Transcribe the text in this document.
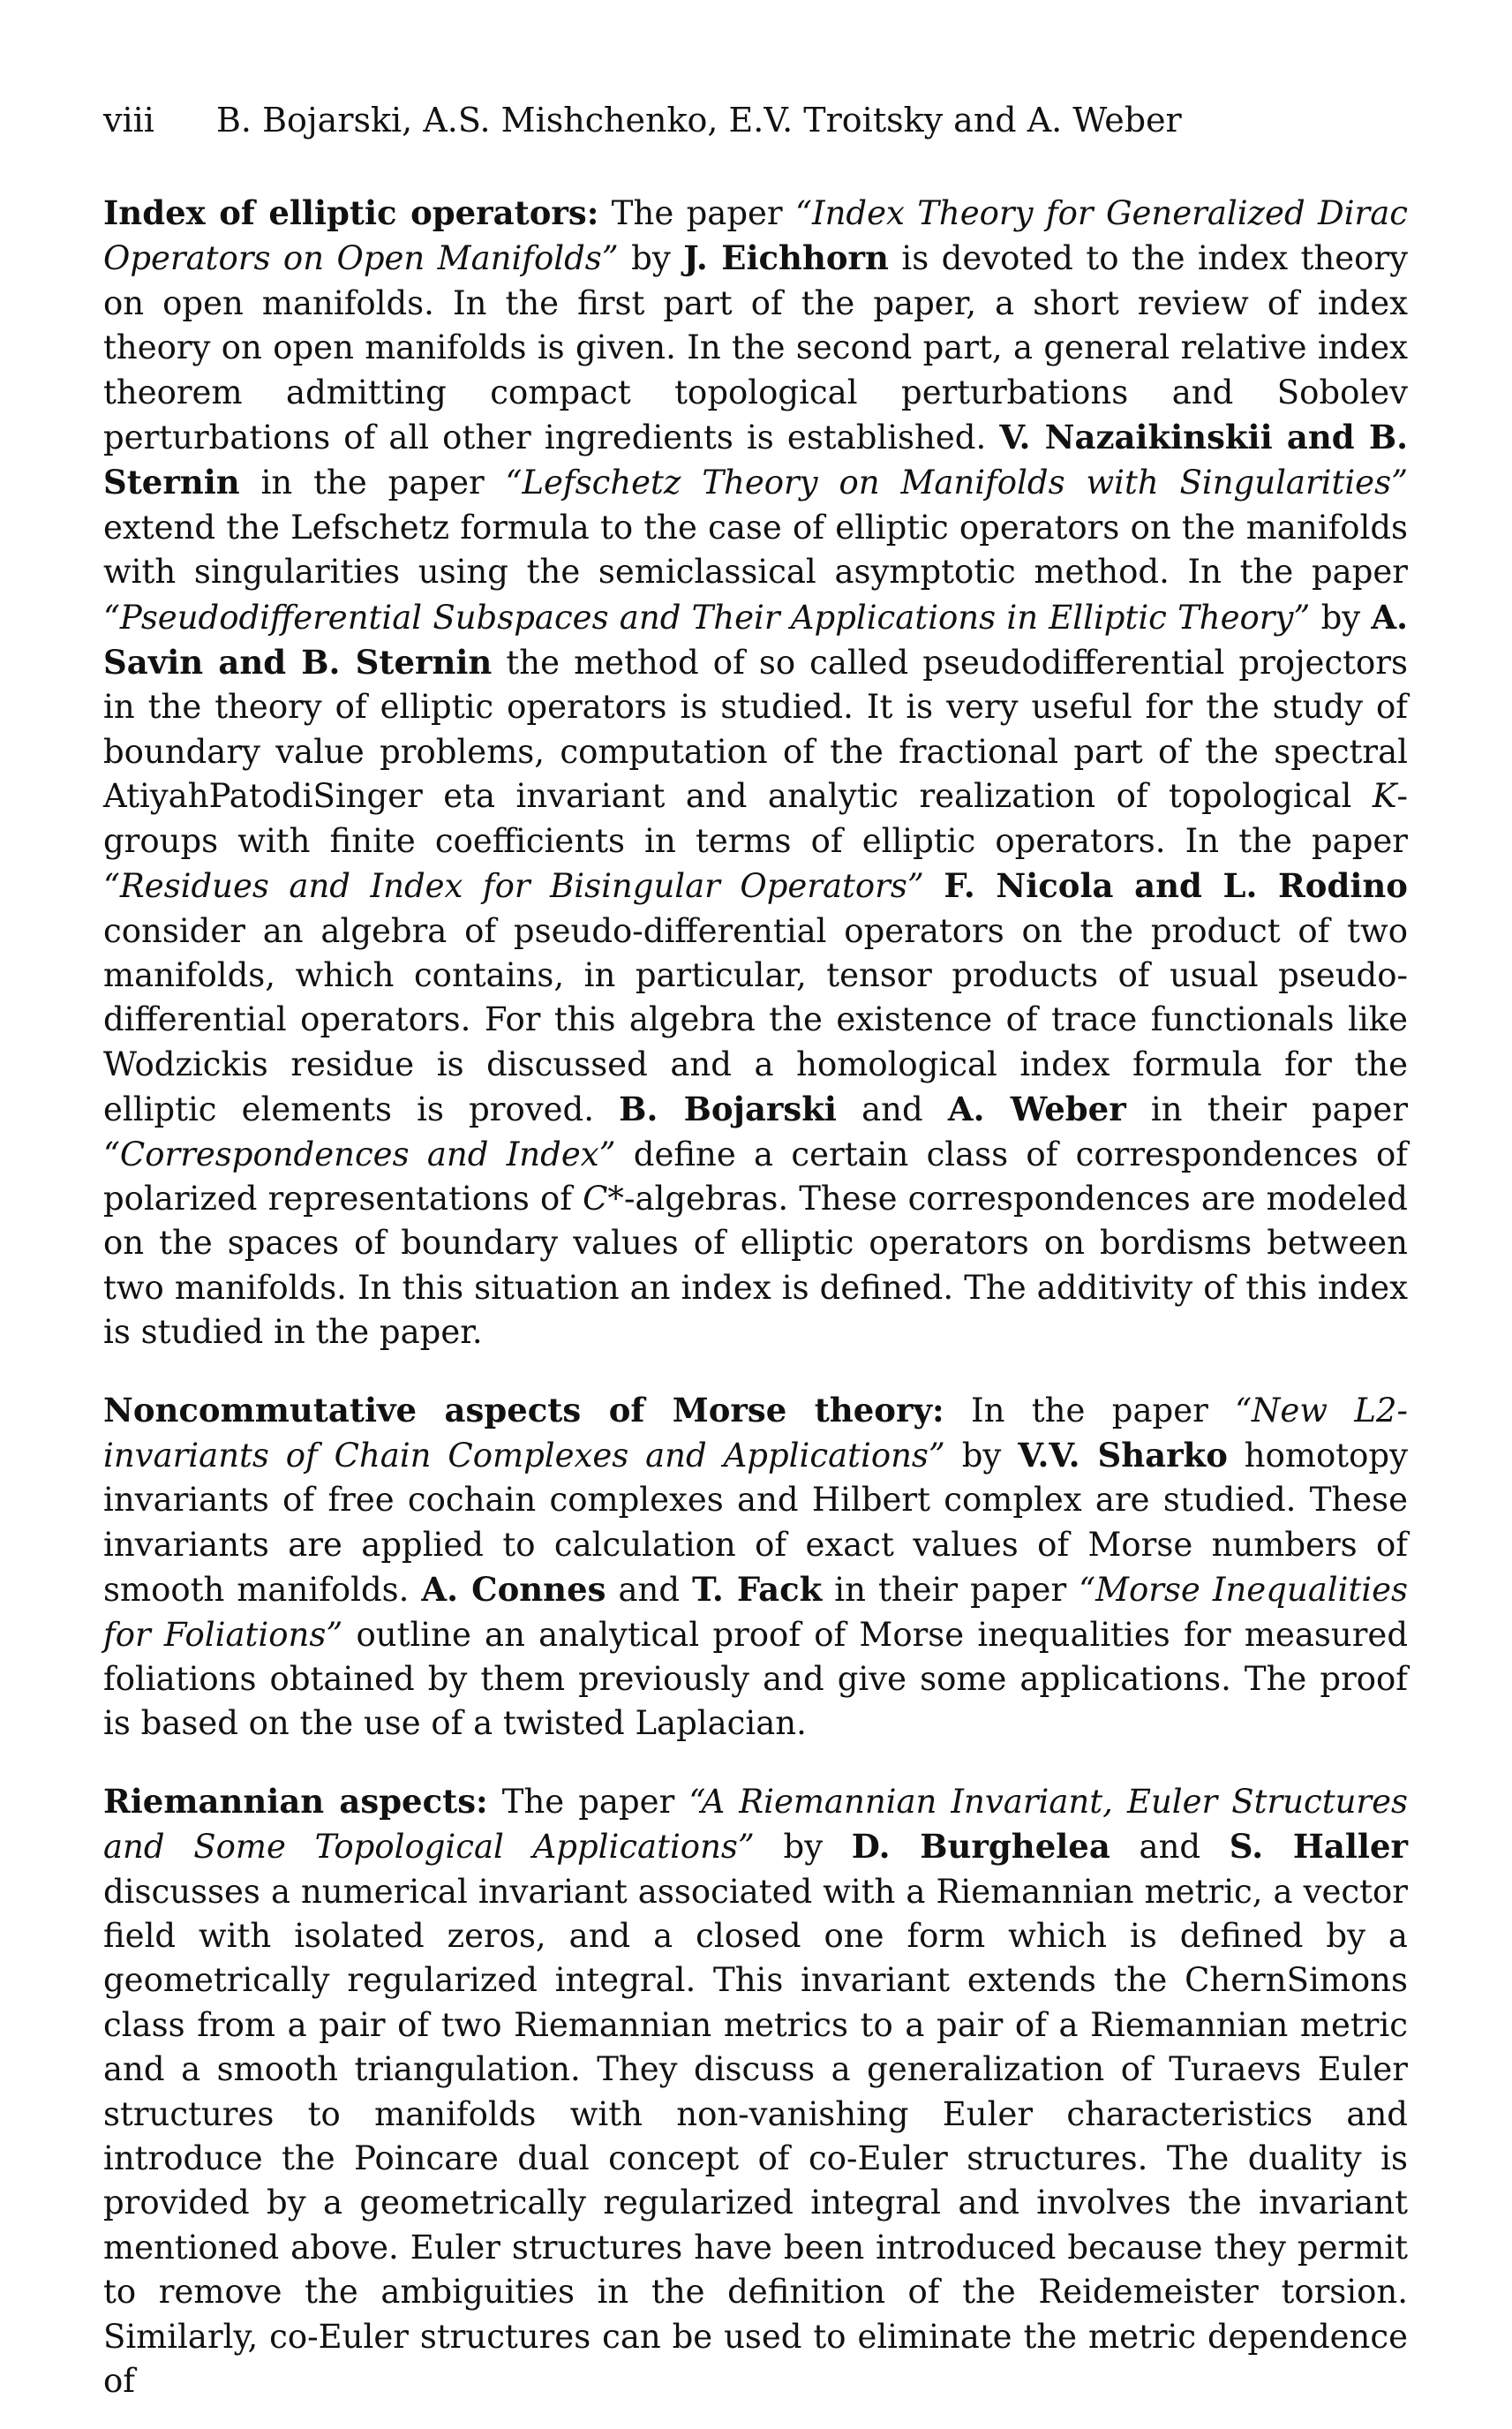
viii B. Bojarski, A.S. Mishchenko, E.V. Troitsky and A. Weber

Index of elliptic operators: The paper “Index Theory for Generalized Dirac Operators on Open Manifolds” by J. Eichhorn is devoted to the index theory on open manifolds. In the first part of the paper, a short review of index theory on open manifolds is given. In the second part, a general relative index theorem admitting compact topological perturbations and Sobolev perturbations of all other ingredients is established. V. Nazaikinskii and B. Sternin in the paper “Lefschetz Theory on Manifolds with Singularities” extend the Lefschetz formula to the case of elliptic operators on the manifolds with singularities using the semiclassical asymptotic method. In the paper “Pseudodifferential Subspaces and Their Applications in Elliptic Theory” by A. Savin and B. Sternin the method of so called pseudodifferential projectors in the theory of elliptic operators is studied. It is very useful for the study of boundary value problems, computation of the fractional part of the spectral AtiyahPatodiSinger eta invariant and analytic realization of topological K-groups with finite coefficients in terms of elliptic operators. In the paper “Residues and Index for Bisingular Operators” F. Nicola and L. Rodino consider an algebra of pseudo-differential operators on the product of two manifolds, which contains, in particular, tensor products of usual pseudo-differential operators. For this algebra the existence of trace functionals like Wodzickis residue is discussed and a homological index formula for the elliptic elements is proved. B. Bojarski and A. Weber in their paper “Correspondences and Index” define a certain class of correspondences of polarized representations of C*-algebras. These correspondences are modeled on the spaces of boundary values of elliptic operators on bordisms between two manifolds. In this situation an index is defined. The additivity of this index is studied in the paper.

Noncommutative aspects of Morse theory: In the paper “New L2-invariants of Chain Complexes and Applications” by V.V. Sharko homotopy invariants of free cochain complexes and Hilbert complex are studied. These invariants are applied to calculation of exact values of Morse numbers of smooth manifolds. A. Connes and T. Fack in their paper “Morse Inequalities for Foliations” outline an analytical proof of Morse inequalities for measured foliations obtained by them previously and give some applications. The proof is based on the use of a twisted Laplacian.

Riemannian aspects: The paper “A Riemannian Invariant, Euler Structures and Some Topological Applications” by D. Burghelea and S. Haller discusses a numerical invariant associated with a Riemannian metric, a vector field with isolated zeros, and a closed one form which is defined by a geometrically regularized integral. This invariant extends the ChernSimons class from a pair of two Riemannian metrics to a pair of a Riemannian metric and a smooth triangulation. They discuss a generalization of Turaevs Euler structures to manifolds with non-vanishing Euler characteristics and introduce the Poincare dual concept of co-Euler structures. The duality is provided by a geometrically regularized integral and involves the invariant mentioned above. Euler structures have been introduced because they permit to remove the ambiguities in the definition of the Reidemeister torsion. Similarly, co-Euler structures can be used to eliminate the metric dependence of
